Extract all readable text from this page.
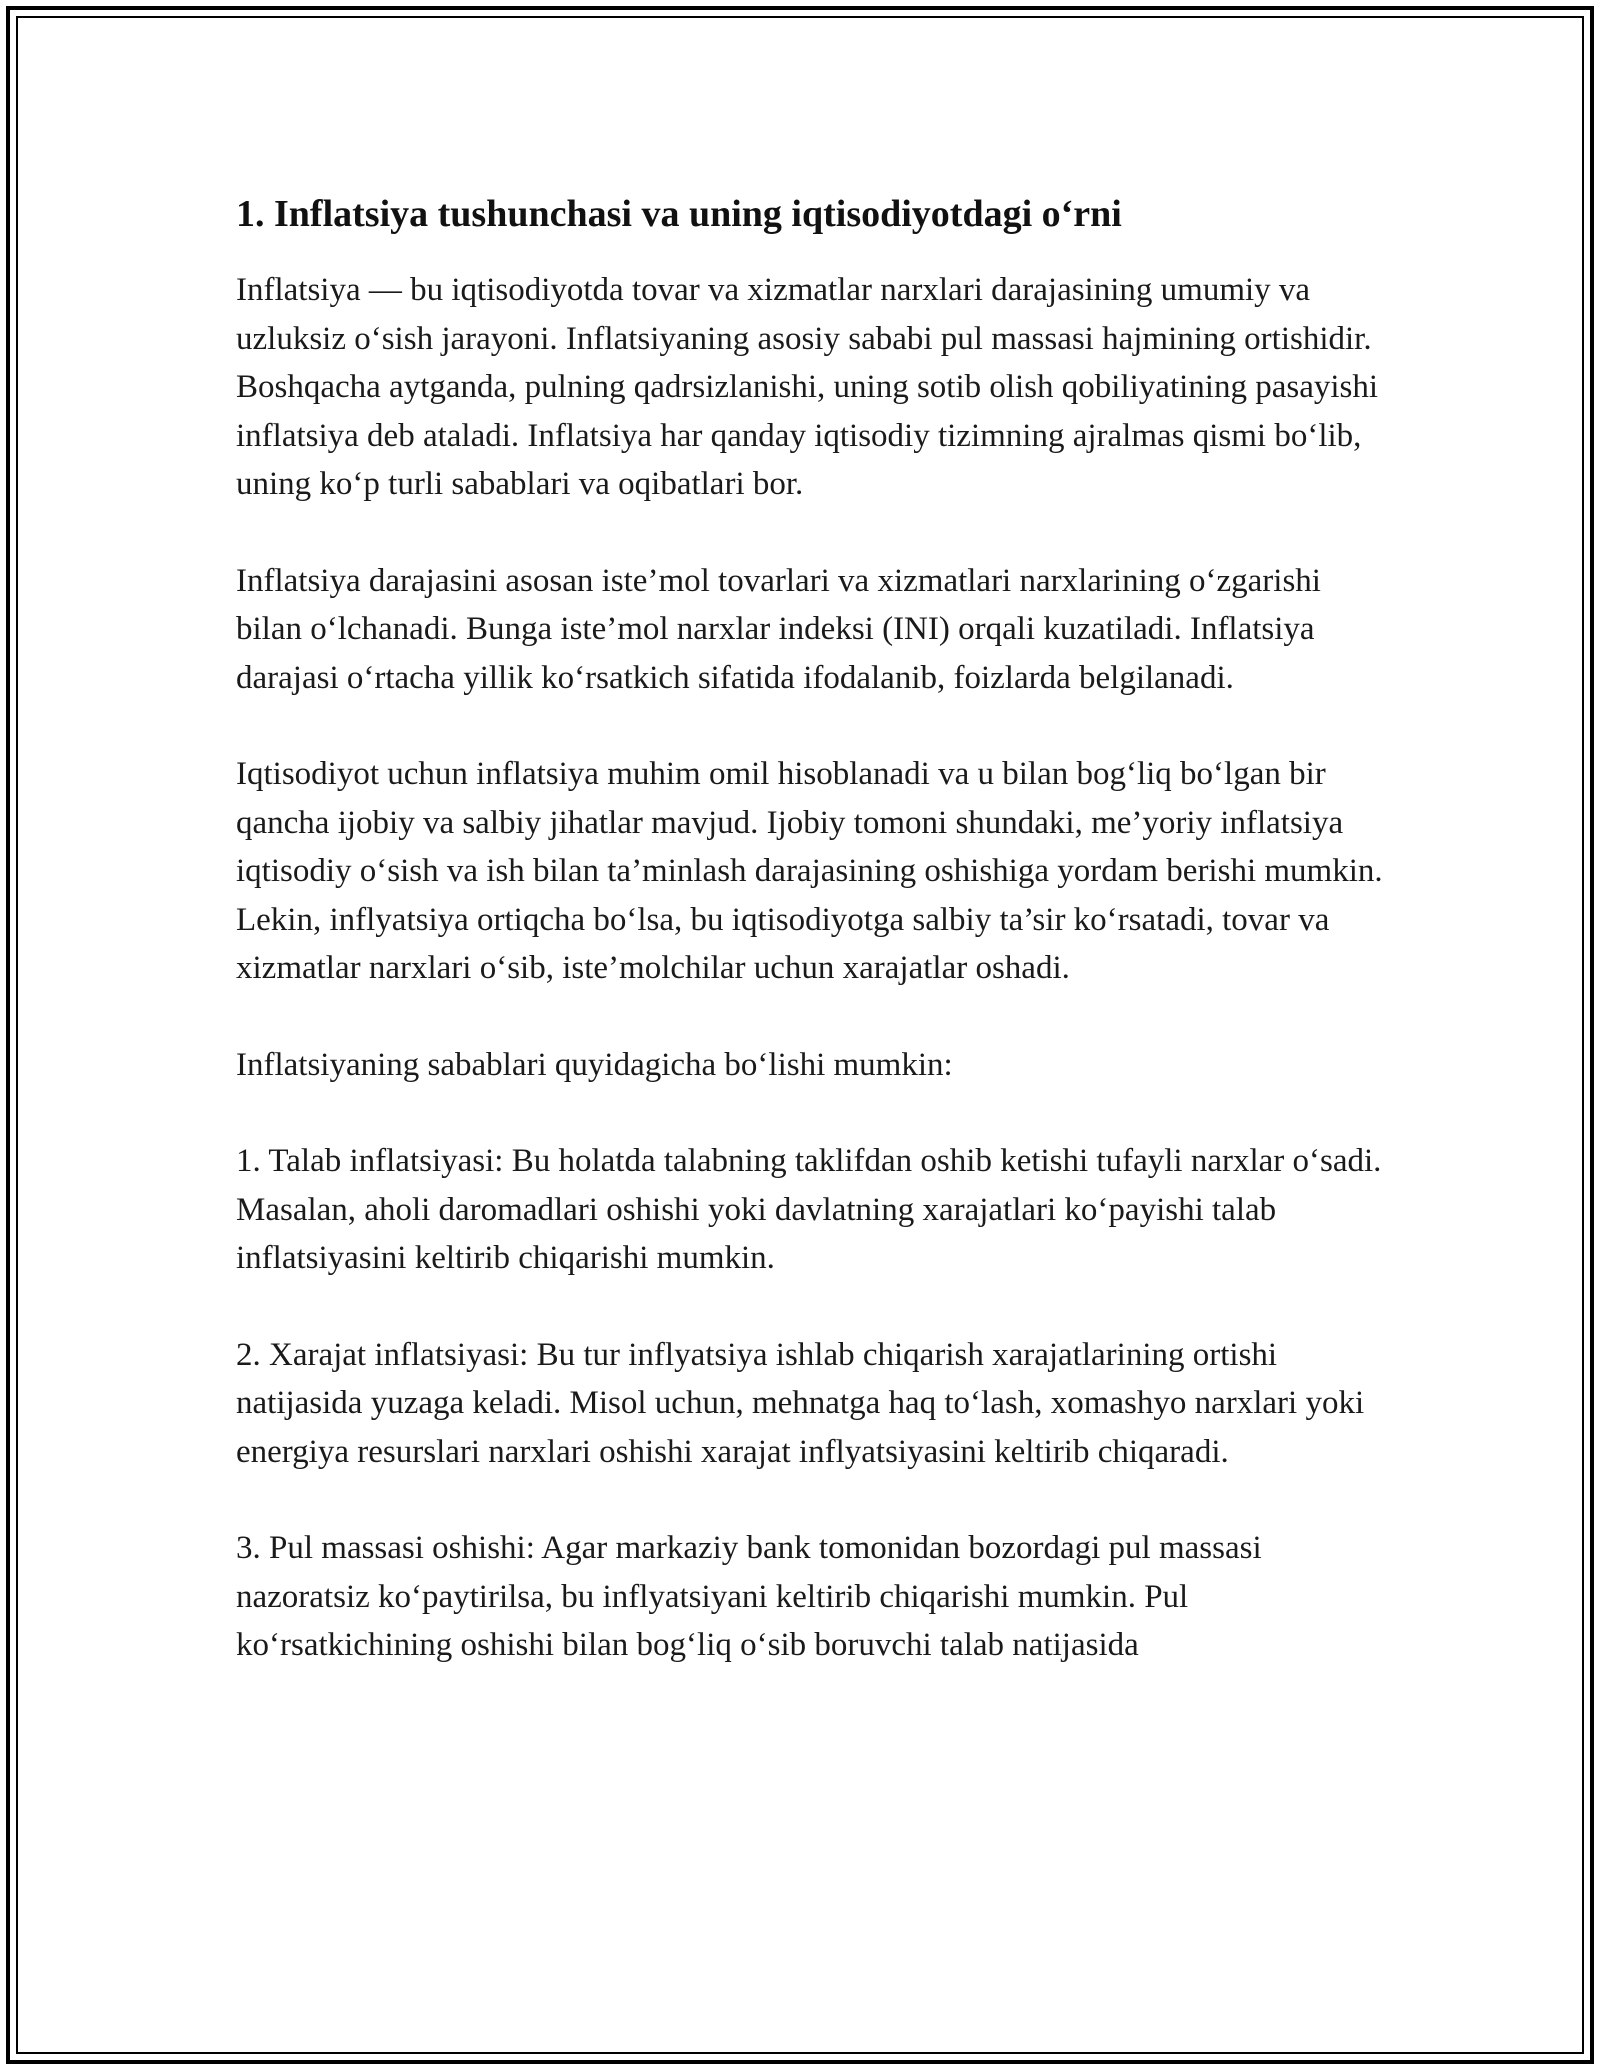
1. Inflatsiya tushunchasi va uning iqtisodiyotdagi o‘rni

Inflatsiya — bu iqtisodiyotda tovar va xizmatlar narxlari darajasining umumiy va uzluksiz o‘sish jarayoni. Inflatsiyaning asosiy sababi pul massasi hajmining ortishidir. Boshqacha aytganda, pulning qadrsizlanishi, uning sotib olish qobiliyatining pasayishi inflatsiya deb ataladi. Inflatsiya har qanday iqtisodiy tizimning ajralmas qismi bo‘lib, uning ko‘p turli sabablari va oqibatlari bor.

Inflatsiya darajasini asosan iste’mol tovarlari va xizmatlari narxlarining o‘zgarishi bilan o‘lchanadi. Bunga iste’mol narxlar indeksi (INI) orqali kuzatiladi. Inflatsiya darajasi o‘rtacha yillik ko‘rsatkich sifatida ifodalanib, foizlarda belgilanadi.

Iqtisodiyot uchun inflatsiya muhim omil hisoblanadi va u bilan bog‘liq bo‘lgan bir qancha ijobiy va salbiy jihatlar mavjud. Ijobiy tomoni shundaki, me’yoriy inflatsiya iqtisodiy o‘sish va ish bilan ta’minlash darajasining oshishiga yordam berishi mumkin. Lekin, inflyatsiya ortiqcha bo‘lsa, bu iqtisodiyotga salbiy ta’sir ko‘rsatadi, tovar va xizmatlar narxlari o‘sib, iste’molchilar uchun xarajatlar oshadi.

Inflatsiyaning sabablari quyidagicha bo‘lishi mumkin:

1. Talab inflatsiyasi: Bu holatda talabning taklifdan oshib ketishi tufayli narxlar o‘sadi. Masalan, aholi daromadlari oshishi yoki davlatning xarajatlari ko‘payishi talab inflatsiyasini keltirib chiqarishi mumkin.

2. Xarajat inflatsiyasi: Bu tur inflyatsiya ishlab chiqarish xarajatlarining ortishi natijasida yuzaga keladi. Misol uchun, mehnatga haq to‘lash, xomashyo narxlari yoki energiya resurslari narxlari oshishi xarajat inflyatsiyasini keltirib chiqaradi.

3. Pul massasi oshishi: Agar markaziy bank tomonidan bozordagi pul massasi nazoratsiz ko‘paytirilsa, bu inflyatsiyani keltirib chiqarishi mumkin. Pul ko‘rsatkichining oshishi bilan bog‘liq o‘sib boruvchi talab natijasida
